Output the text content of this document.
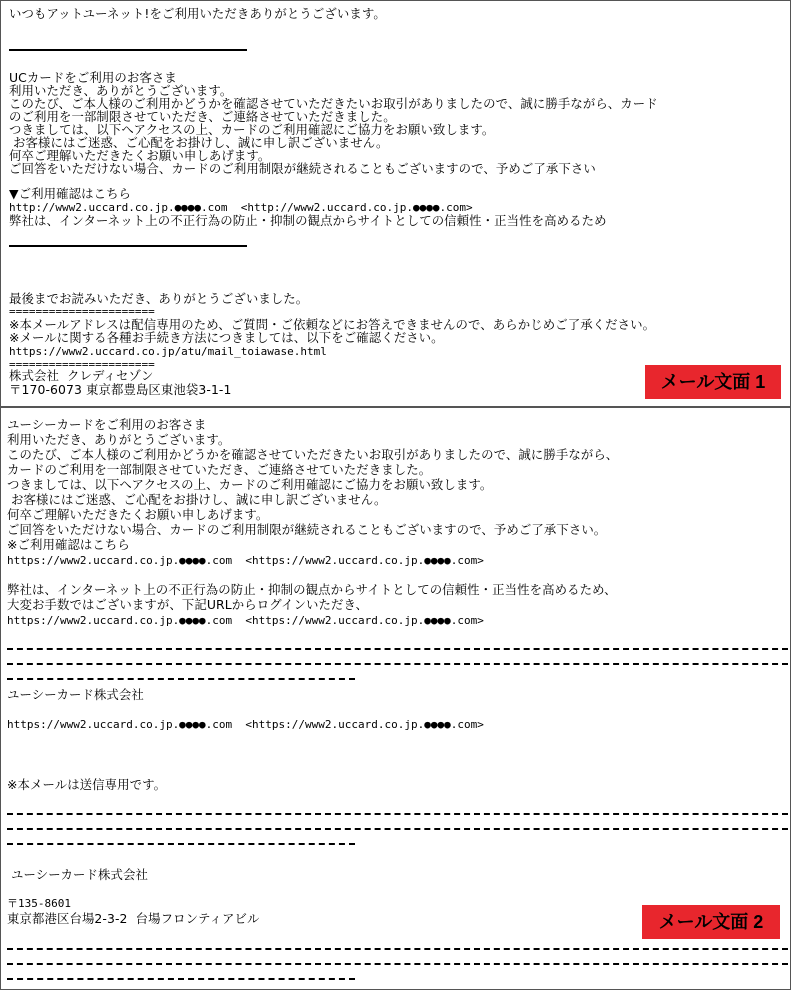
いつもアットユーネット!をご利用いただきありがとうございます。
UCカードをご利用のお客さま
利用いただき、ありがとうございます。
このたび、ご本人様のご利用かどうかを確認させていただきたいお取引がありましたので、誠に勝手ながら、カード
のご利用を一部制限させていただき、ご連絡させていただきました。
つきましては、以下へアクセスの上、カードのご利用確認にご協力をお願い致します。
お客様にはご迷惑、ご心配をお掛けし、誠に申し訳ございません。
何卒ご理解いただきたくお願い申しあげます。
ご回答をいただけない場合、カードのご利用制限が継続されることもございますので、予めご了承下さい
▼ご利用確認はこちら
http://www2.uccard.co.jp.●●●●.com  <http://www2.uccard.co.jp.●●●●.com>
弊社は、インターネット上の不正行為の防止・抑制の観点からサイトとしての信頼性・正当性を高めるため
最後までお読みいただき、ありがとうございました。
======================
※本メールアドレスは配信専用のため、ご質問・ご依頼などにお答えできませんので、あらかじめご了承ください。
※メールに関する各種お手続き方法につきましては、以下をご確認ください。
https://www2.uccard.co.jp/atu/mail_toiawase.html
======================
株式会社  クレディセゾン
〒170-6073 東京都豊島区東池袋3-1-1	メール文面 1
ユーシーカードをご利用のお客さま
利用いただき、ありがとうございます。
このたび、ご本人様のご利用かどうかを確認させていただきたいお取引がありましたので、誠に勝手ながら、
カードのご利用を一部制限させていただき、ご連絡させていただきました。
つきましては、以下へアクセスの上、カードのご利用確認にご協力をお願い致します。
お客様にはご迷惑、ご心配をお掛けし、誠に申し訳ございません。
何卒ご理解いただきたくお願い申しあげます。
ご回答をいただけない場合、カードのご利用制限が継続されることもございますので、予めご了承下さい。
※ご利用確認はこちら
https://www2.uccard.co.jp.●●●●.com  <https://www2.uccard.co.jp.●●●●.com>
弊社は、インターネット上の不正行為の防止・抑制の観点からサイトとしての信頼性・正当性を高めるため、
大変お手数ではございますが、下記URLからログインいただき、
https://www2.uccard.co.jp.●●●●.com  <https://www2.uccard.co.jp.●●●●.com>
ユーシーカード株式会社
https://www2.uccard.co.jp.●●●●.com  <https://www2.uccard.co.jp.●●●●.com>
※本メールは送信専用です。
ユーシーカード株式会社
〒135-8601
東京都港区台場2-3-2  台場フロンティアビル	メール文面 2
